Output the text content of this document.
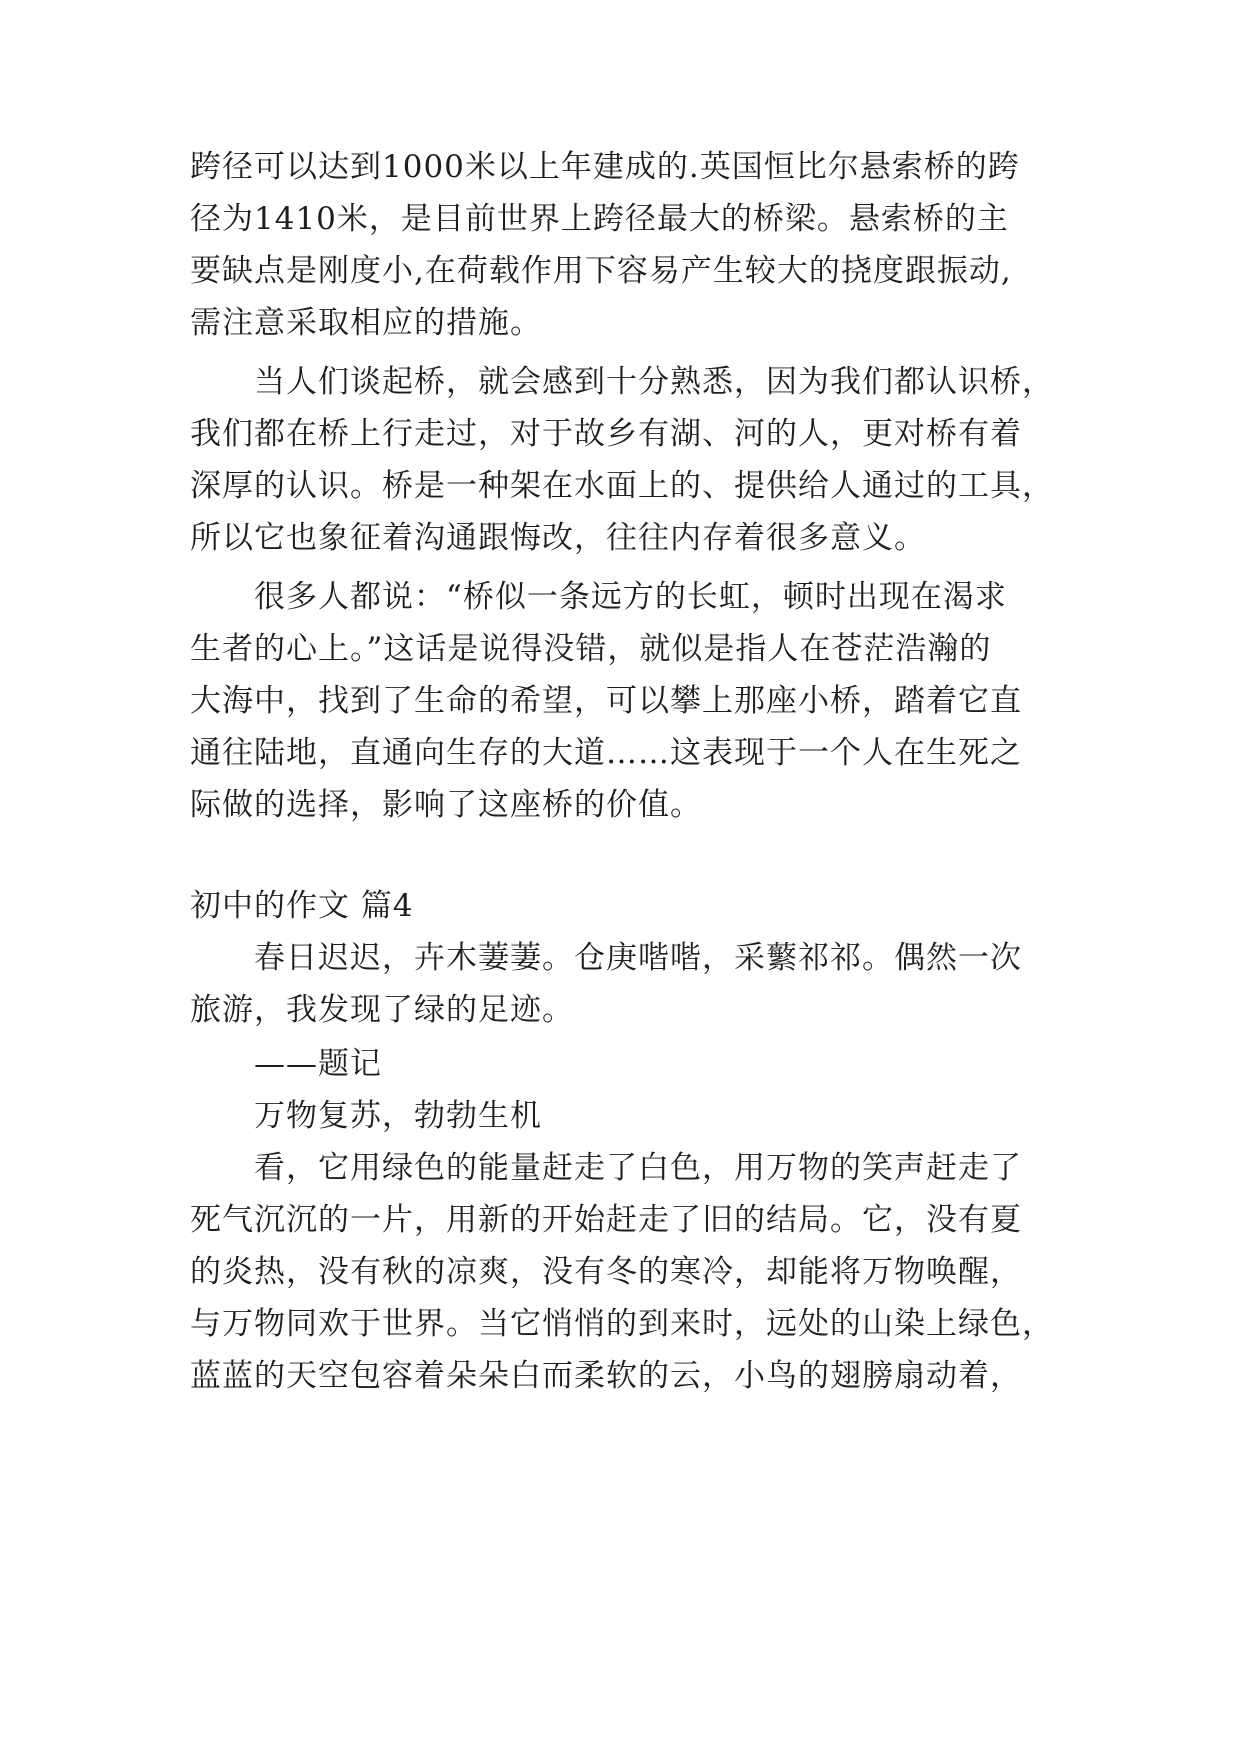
跨径可以达到1000米以上年建成的.英国恒比尔悬索桥的跨
径为1410米，是目前世界上跨径最大的桥梁。悬索桥的主
要缺点是刚度小,在荷载作用下容易产生较大的挠度跟振动,
需注意采取相应的措施。
当人们谈起桥，就会感到十分熟悉，因为我们都认识桥，
我们都在桥上行走过，对于故乡有湖、河的人，更对桥有着
深厚的认识。桥是一种架在水面上的、提供给人通过的工具，
所以它也象征着沟通跟悔改，往往内存着很多意义。
很多人都说：“桥似一条远方的长虹，顿时出现在渴求
生者的心上。”这话是说得没错，就似是指人在苍茫浩瀚的
大海中，找到了生命的希望，可以攀上那座小桥，踏着它直
通往陆地，直通向生存的大道……这表现于一个人在生死之
际做的选择，影响了这座桥的价值。
初中的作文 篇4
春日迟迟，卉木萋萋。仓庚喈喈，采蘩祁祁。偶然一次
旅游，我发现了绿的足迹。
——题记
万物复苏，勃勃生机
看，它用绿色的能量赶走了白色，用万物的笑声赶走了
死气沉沉的一片，用新的开始赶走了旧的结局。它，没有夏
的炎热，没有秋的凉爽，没有冬的寒冷，却能将万物唤醒，
与万物同欢于世界。当它悄悄的到来时，远处的山染上绿色，
蓝蓝的天空包容着朵朵白而柔软的云，小鸟的翅膀扇动着，
